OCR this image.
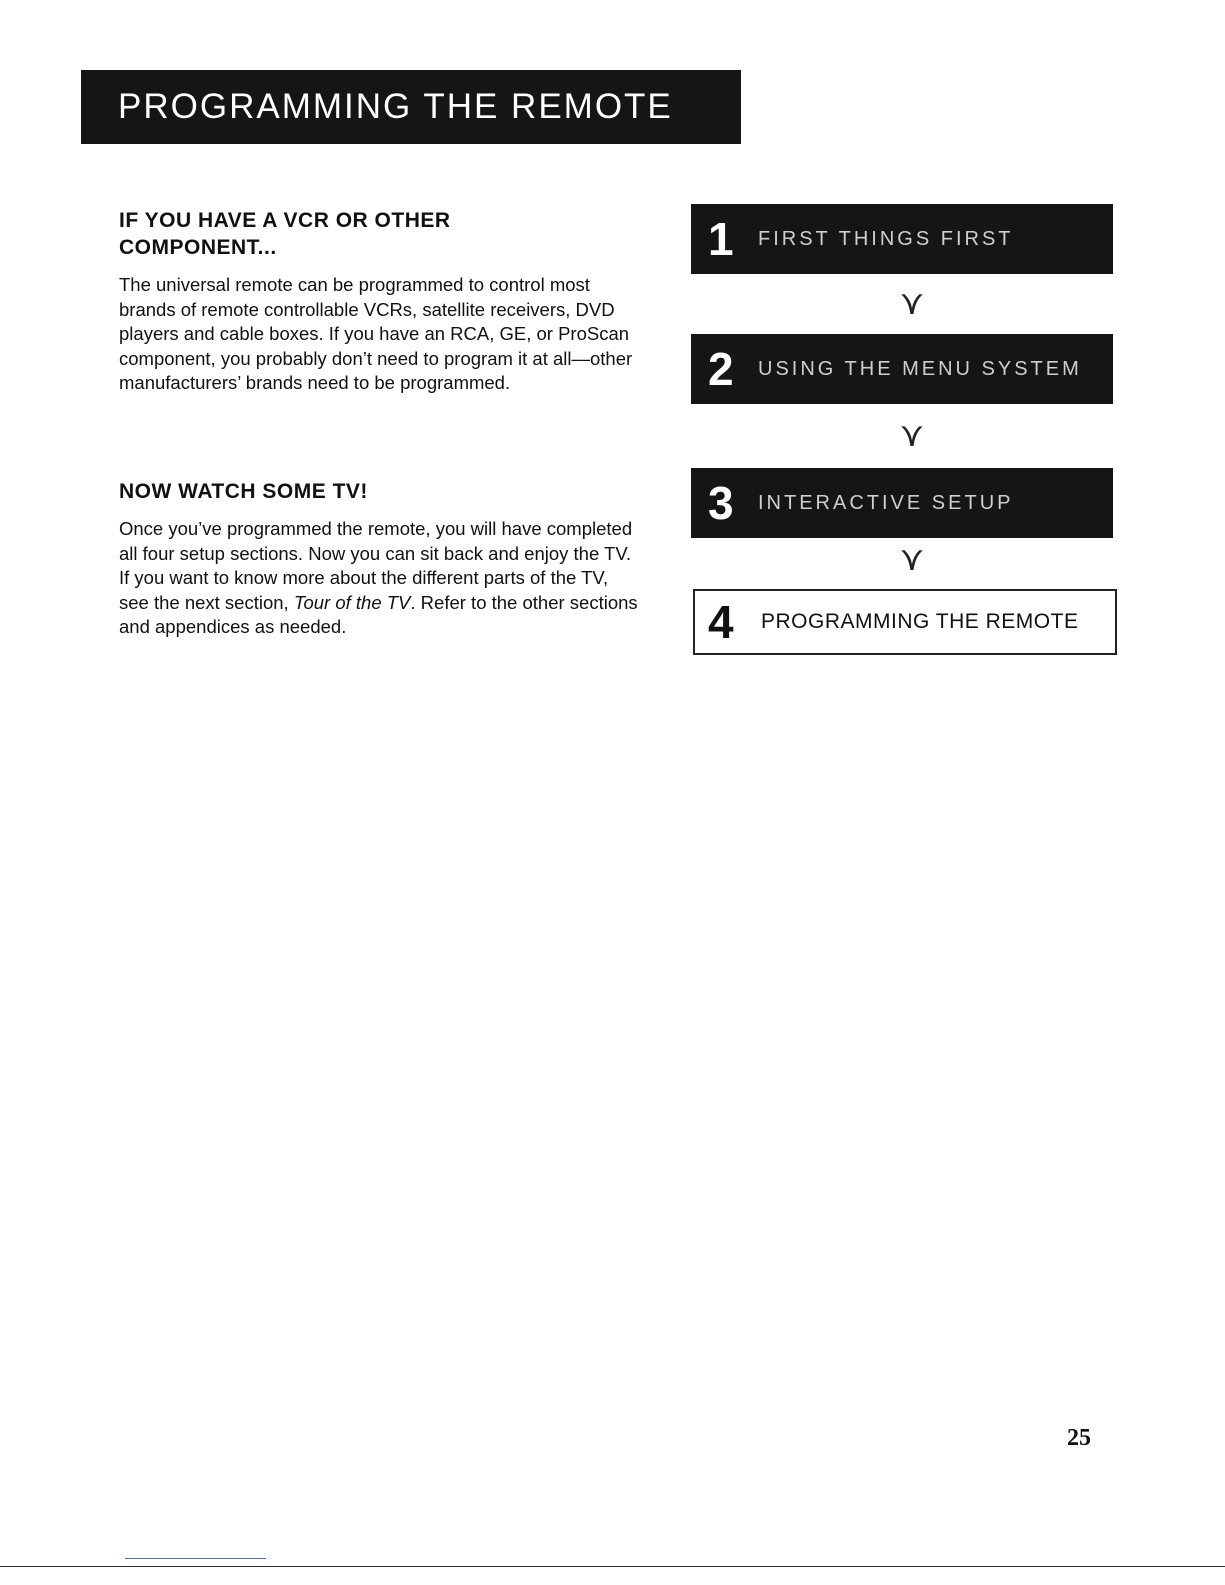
PROGRAMMING THE REMOTE
IF YOU HAVE A VCR OR OTHER
COMPONENT...
The universal remote can be programmed to control most brands of remote controllable VCRs, satellite receivers, DVD players and cable boxes. If you have an RCA, GE, or ProScan component, you probably don’t need to program it at all—other manufacturers’ brands need to be programmed.
NOW WATCH SOME TV!
Once you’ve programmed the remote, you will have completed all four setup sections. Now you can sit back and enjoy the TV. If you want to know more about the different parts of the TV, see the next section, Tour of the TV. Refer to the other sections and appendices as needed.
1	FIRST THINGS FIRST
⋎
2	USING THE MENU SYSTEM
⋎
3	INTERACTIVE SETUP
⋎
4	PROGRAMMING THE REMOTE
25
